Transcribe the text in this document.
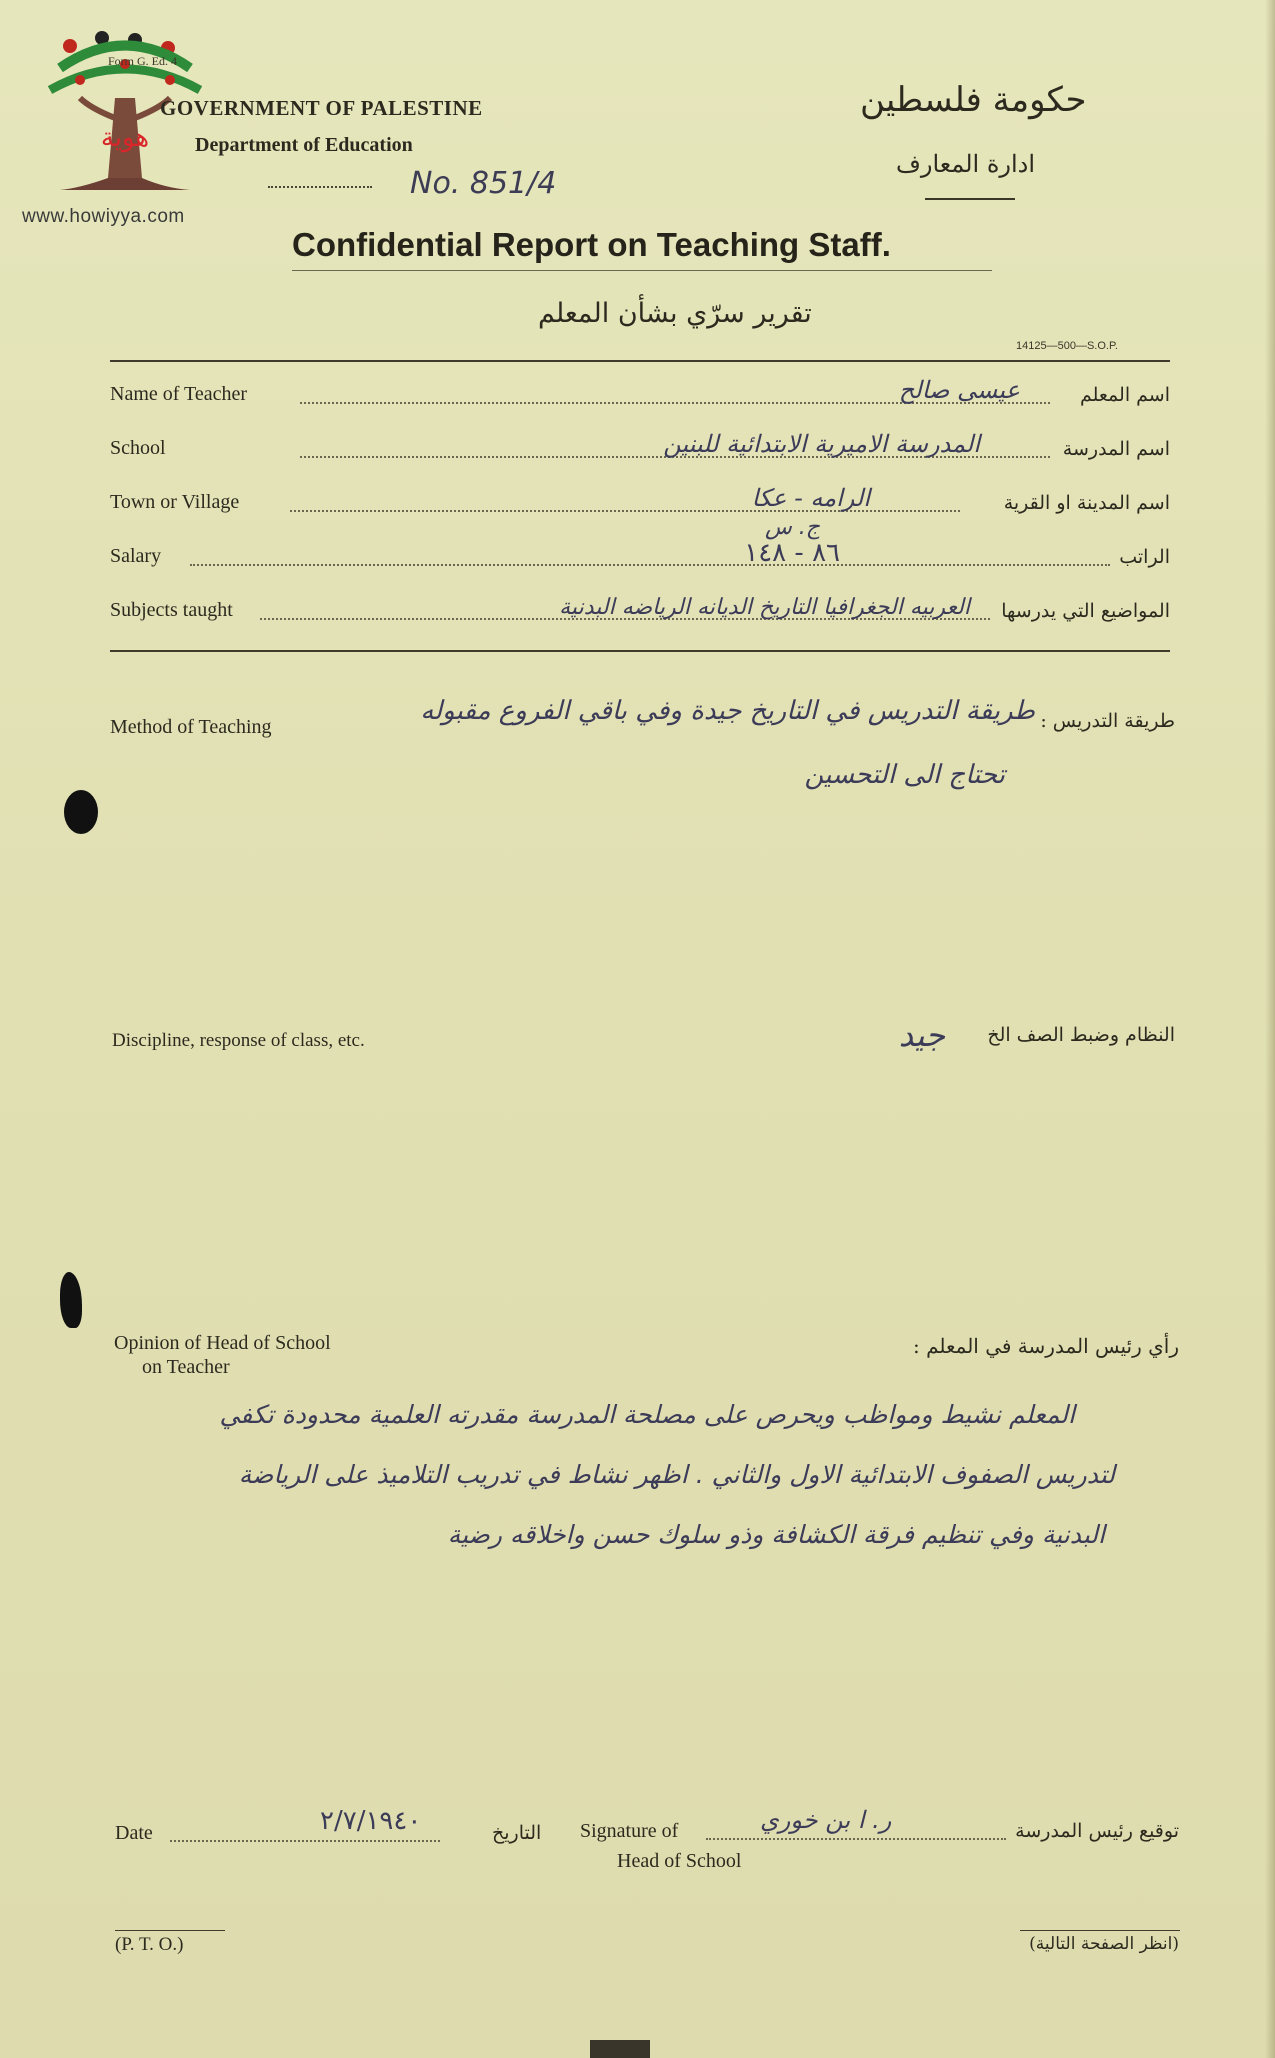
هوية
www.howiyya.com
Form G. Ed. 4
GOVERNMENT OF PALESTINE
Department of Education
No. 851/4
حكومة فلسطين
ادارة المعارف
Confidential Report on Teaching Staff.
تقرير سرّي بشأن المعلم
14125—500—S.O.P.
Name of Teacher	اسم المعلم
عيسى صالح
School	اسم المدرسة
المدرسة الاميرية الابتدائية للبنين
Town or Village	اسم المدينة او القرية
الرامه - عكا
Salary	الراتب
٨٦ - ١٤٨
ج. س
Subjects taught	المواضيع التي يدرسها
العربيه الجغرافيا التاريخ الديانه الرياضه البدنية
Method of Teaching	طريقة التدريس :
طريقة التدريس في التاريخ جيدة وفي باقي الفروع مقبوله
تحتاج الى التحسين
Discipline, response of class, etc.	النظام وضبط الصف الخ
جيد
Opinion of Head of School
on Teacher
رأي رئيس المدرسة في المعلم :
المعلم نشيط ومواظب ويحرص على مصلحة المدرسة مقدرته العلمية محدودة تكفي
لتدريس الصفوف الابتدائية الاول والثاني . اظهر نشاط في تدريب التلاميذ على الرياضة
البدنية وفي تنظيم فرقة الكشافة وذو سلوك حسن واخلاقه رضية
Date	٢/٧/١٩٤٠	التاريخ Signature of
Head of School
ر. ا بن خوري	توقيع رئيس المدرسة
(P. T. O.)	(انظر الصفحة التالية)
